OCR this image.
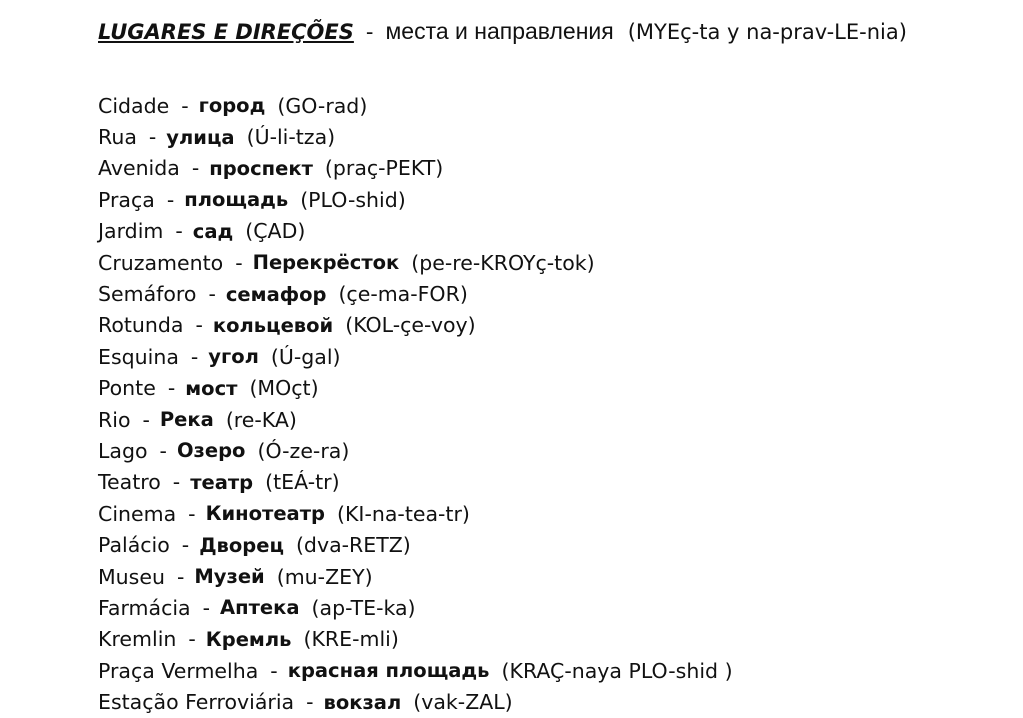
LUGARES E DIREÇÕES - места и направления (MYEç-ta y na-prav-LE-nia)
Cidade - город (GO-rad)
Rua - улица (Ú-li-tza)
Avenida - проспект (praç-PEKT)
Praça - площадь (PLO-shid)
Jardim - сад (ÇAD)
Cruzamento - Перекрёсток (pe-re-KROYç-tok)
Semáforo - семафор (çe-ma-FOR)
Rotunda - кольцевой (KOL-çe-voy)
Esquina - угол (Ú-gal)
Ponte - мост (MOçt)
Rio - Река (re-KA)
Lago - Озеро (Ó-ze-ra)
Teatro - театр (tEÁ-tr)
Cinema - Кинотеатр (KI-na-tea-tr)
Palácio - Дворец (dva-RETZ)
Museu - Музей (mu-ZEY)
Farmácia - Аптека (ap-TE-ka)
Kremlin - Кремль (KRE-mli)
Praça Vermelha - красная площадь (KRAÇ-naya PLO-shid )
Estação Ferroviária - вокзал (vak-ZAL)
